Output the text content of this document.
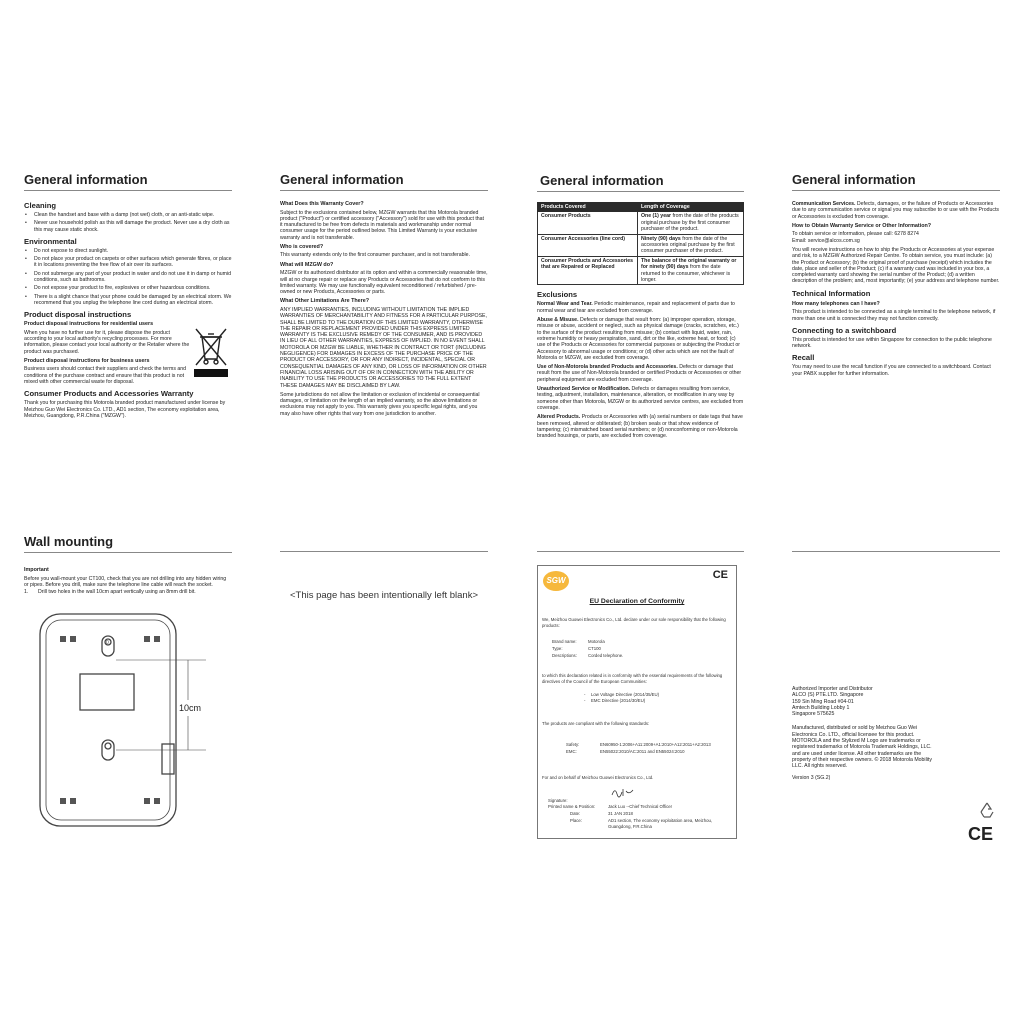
General information
Cleaning
• Clean the handset and base with a damp (not wet) cloth, or an anti-static wipe.
• Never use household polish as this will damage the product. Never use a dry cloth as this may cause static shock.
Environmental
• Do not expose to direct sunlight.
• Do not place your product on carpets or other surfaces which generate fibres, or place it in locations preventing the free flow of air over its surfaces.
• Do not submerge any part of your product in water and do not use it in damp or humid conditions, such as bathrooms.
• Do not expose your product to fire, explosives or other hazardous conditions.
• There is a slight chance that your phone could be damaged by an electrical storm. We recommend that you unplug the telephone line cord during an electrical storm.
Product disposal instructions
Product disposal instructions for residential users

When you have no further use for it, please dispose the product according to your local authority's recycling processes. For more information, please contact your local authority or the Retailer where the product was purchased.

Product disposal instructions for business users

Business users should contact their suppliers and check the terms and conditions of the purchase contract and ensure that this product is not mixed with other commercial waste for disposal.

Consumer Products and Accessories Warranty

Thank you for purchasing this Motorola branded product manufactured under license by Meizhou Guo Wei Electronics Co. LTD., AD1 section, The economy exploitation area, Meizhou, Guangdong, P.R.China ("MZGW").

General information
What Does this Warranty Cover?

Subject to the exclusions contained below, MZGW warrants that this Motorola branded product ("Product") or certified accessory ("Accessory") sold for use with this product that it manufactured to be free from defects in materials and workmanship under normal consumer usage for the period outlined below. This Limited Warranty is your exclusive warranty and is not transferable.

Who is covered?

This warranty extends only to the first consumer purchaser, and is not transferable.

What will MZGW do?

MZGW or its authorized distributor at its option and within a commercially reasonable time, will at no charge repair or replace any Products or Accessories that do not conform to this limited warranty. We may use functionally equivalent reconditioned / refurbished / pre-owned or new Products, Accessories or parts.

What Other Limitations Are There?

ANY IMPLIED WARRANTIES, INCLUDING WITHOUT LIMITATION THE IMPLIED WARRANTIES OF MERCHANTABILITY AND FITNESS FOR A PARTICULAR PURPOSE, SHALL BE LIMITED TO THE DURATION OF THIS LIMITED WARRANTY, OTHERWISE THE REPAIR OR REPLACEMENT PROVIDED UNDER THIS EXPRESS LIMITED WARRANTY IS THE EXCLUSIVE REMEDY OF THE CONSUMER, AND IS PROVIDED IN LIEU OF ALL OTHER WARRANTIES, EXPRESS OF IMPLIED. IN NO EVENT SHALL MOTOROLA OR MZGW BE LIABLE, WHETHER IN CONTRACT OR TORT (INCLUDING NEGLIGENCE) FOR DAMAGES IN EXCESS OF THE PURCHASE PRICE OF THE PRODUCT OR ACCESSORY, OR FOR ANY INDIRECT, INCIDENTAL, SPECIAL OR CONSEQUENTIAL DAMAGES OF ANY KIND, OR LOSS OF INFORMATION OR OTHER FINANCIAL LOSS ARISING OUT OF OR IN CONNECTION WITH THE ABILITY OR INABILITY TO USE THE PRODUCTS OR ACCESSORIES TO THE FULL EXTENT THESE DAMAGES MAY BE DISCLAIMED BY LAW.

Some jurisdictions do not allow the limitation or exclusion of incidental or consequential damages, or limitation on the length of an implied warranty, so the above limitations or exclusions may not apply to you. This warranty gives you specific legal rights, and you may also have other rights that vary from one jurisdiction to another.

General information
Products Covered	Length of Coverage
Consumer Products	One (1) year from the date of the products original purchase by the first consumer purchaser of the product.
Consumer Accessories (line cord)	Ninety (90) days from the date of the accessories original purchase by the first consumer purchaser of the product.
Consumer Products and Accessories that are Repaired or Replaced	The balance of the original warranty or for ninety (90) days from the date returned to the consumer, whichever is longer.
Exclusions

Normal Wear and Tear. Periodic maintenance, repair and replacement of parts due to normal wear and tear are excluded from coverage.

Abuse & Misuse. Defects or damage that result from: (a) improper operation, storage, misuse or abuse, accident or neglect, such as physical damage (cracks, scratches, etc.) to the surface of the product resulting from misuse; (b) contact with liquid, water, rain, extreme humidity or heavy perspiration, sand, dirt or the like, extreme heat, or food; (c) use of the Products or Accessories for commercial purposes or subjecting the Product or Accessory to abnormal usage or conditions; or (d) other acts which are not the fault of Motorola or MZGW, are excluded from coverage.

Use of Non-Motorola branded Products and Accessories. Defects or damage that result from the use of Non-Motorola branded or certified Products or Accessories or other peripheral equipment are excluded from coverage.

Unauthorized Service or Modification. Defects or damages resulting from service, testing, adjustment, installation, maintenance, alteration, or modification in any way by someone other than Motorola, MZGW or its authorized service centres, are excluded from coverage.

Altered Products. Products or Accessories with (a) serial numbers or date tags that have been removed, altered or obliterated; (b) broken seals or that show evidence of tampering; (c) mismatched board serial numbers; or (d) nonconforming or non-Motorola branded housings, or parts, are excluded from coverage.

General information

Communication Services. Defects, damages, or the failure of Products or Accessories due to any communication service or signal you may subscribe to or use with the Products or Accessories is excluded from coverage.

How to Obtain Warranty Service or Other Information?

To obtain service or information, please call: 6278 8274

Email: service@alcos.com.sg

You will receive instructions on how to ship the Products or Accessories at your expense and risk, to a MZGW Authorized Repair Centre. To obtain service, you must include: (a) the Product or Accessory; (b) the original proof of purchase (receipt) which includes the date, place and seller of the Product; (c) if a warranty card was included in your box, a completed warranty card showing the serial number of the Product; (d) a written description of the problem; and, most importantly; (e) your address and telephone number.

Technical Information
How many telephones can I have?

This product is intended to be connected as a single terminal to the telephone network, if more than one unit is connected they may not function correctly.

Connecting to a switchboard

This product is intended for use within Singapore for connection to the public telephone network.

Recall

You may need to use the recall function if you are connected to a switchboard. Contact your PABX supplier for further information.

Wall mounting
Important

Before you wall-mount your CT100, check that you are not drilling into any hidden wiring or pipes. Before you drill, make sure the telephone line cable will reach the socket.

1. Drill two holes in the wall 10cm apart vertically using an 8mm drill bit.
0
10cm
<This page has been intentionally left blank>
SGW	CE
EU Declaration of Conformity
We, Meizhou Guowei Electronics Co., Ltd. declare under our sole responsibility that the following products:
Brand name:	Motorola
Type:	CT100
Descriptions:	Corded telephone.
to which this declaration related is in conformity with the essential requirements of the following directives of the Council of the European Communities:
- Low Voltage Directive (2014/35/EU)
- EMC Directive (2014/30/EU)
The products are compliant with the following standards:
Safety:	EN60950-1:2006+A11:2009+A1:2010+A12:2011+A2:2013
EMC:	EN55022:2010/AC:2011 and EN55024:2010
For and on behalf of Meizhou Guowei Electronics Co., Ltd.
Signature:
Printed name & Position:	Jack Luo --Chief Technical Officer
Date:	31 JAN 2018
Place:	AD1 section, The economy exploitation area, Meizhou, Guangdong, P.R.China
Authorized Importer and Distributor
ALCO (S) PTE.LTD. Singapore
159 Sin Ming Road #04-01
Amtech Building Lobby 1
Singapore 575625

Manufactured, distributed or sold by Meizhou Guo Wei Electronics Co. LTD., official licensee for this product. MOTOROLA and the Stylized M Logo are trademarks or registered trademarks of Motorola Trademark Holdings, LLC. and are used under license. All other trademarks are the property of their respective owners. © 2018 Motorola Mobility LLC. All rights reserved.

Version 3 (SG.2)
CE
